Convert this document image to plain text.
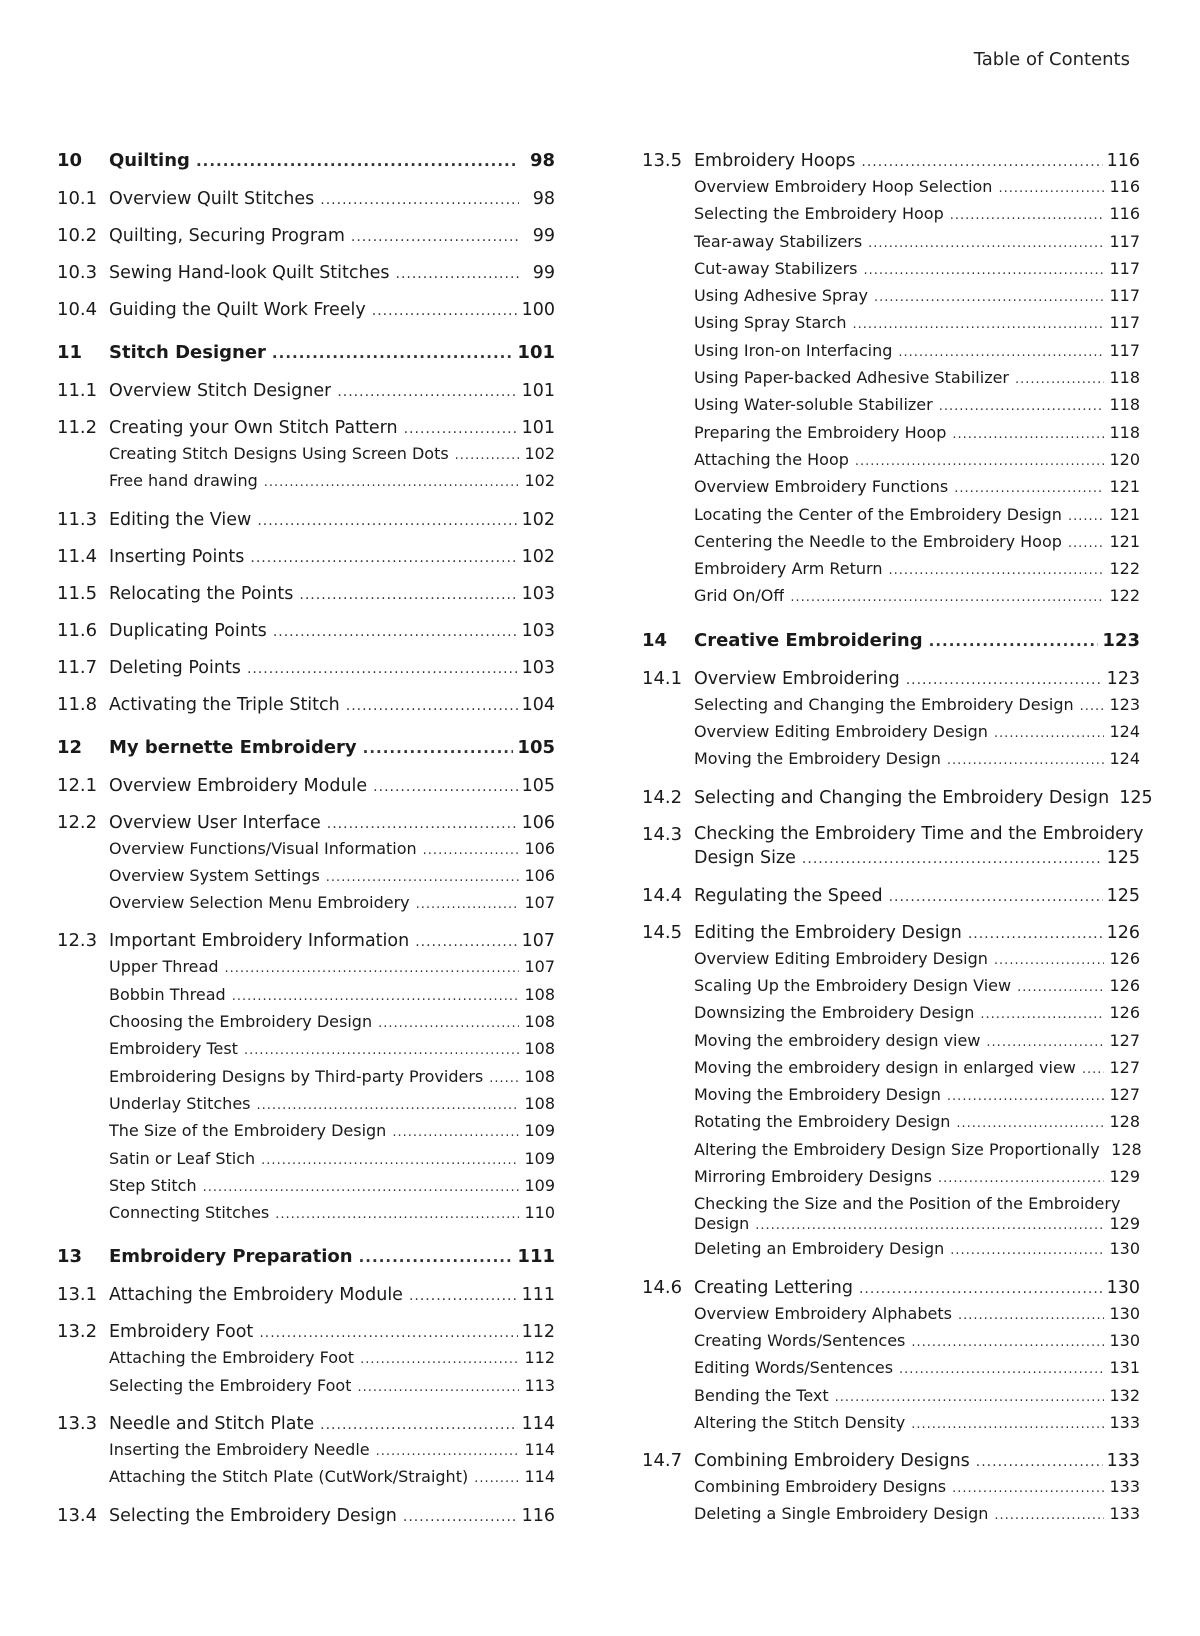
Table of Contents
10	Quilting .....	98
10.1 Overview Quilt Stitches .....	98
10.2 Quilting, Securing Program .....	99
10.3 Sewing Hand-look Quilt Stitches .....	99
10.4 Guiding the Quilt Work Freely .....	100
11	Stitch Designer .....	101
11.1 Overview Stitch Designer .....	101
11.2 Creating your Own Stitch Pattern .....	101
Creating Stitch Designs Using Screen Dots .....	102
Free hand drawing .....	102
11.3 Editing the View .....	102
11.4 Inserting Points .....	102
11.5 Relocating the Points .....	103
11.6 Duplicating Points .....	103
11.7 Deleting Points .....	103
11.8 Activating the Triple Stitch .....	104
12	My bernette Embroidery .....	105
12.1 Overview Embroidery Module .....	105
12.2 Overview User Interface .....	106
Overview Functions/Visual Information .....	106
Overview System Settings .....	106
Overview Selection Menu Embroidery .....	107
12.3 Important Embroidery Information .....	107
Upper Thread .....	107
Bobbin Thread .....	108
Choosing the Embroidery Design .....	108
Embroidery Test .....	108
Embroidering Designs by Third-party Providers .....	108
Underlay Stitches .....	108
The Size of the Embroidery Design .....	109
Satin or Leaf Stich .....	109
Step Stitch .....	109
Connecting Stitches .....	110
13	Embroidery Preparation .....	111
13.1 Attaching the Embroidery Module .....	111
13.2 Embroidery Foot .....	112
Attaching the Embroidery Foot .....	112
Selecting the Embroidery Foot .....	113
13.3 Needle and Stitch Plate .....	114
Inserting the Embroidery Needle .....	114
Attaching the Stitch Plate (CutWork/Straight) .....	114
13.4 Selecting the Embroidery Design .....	116
13.5 Embroidery Hoops .....	116
Overview Embroidery Hoop Selection .....	116
Selecting the Embroidery Hoop .....	116
Tear-away Stabilizers .....	117
Cut-away Stabilizers .....	117
Using Adhesive Spray .....	117
Using Spray Starch .....	117
Using Iron-on Interfacing .....	117
Using Paper-backed Adhesive Stabilizer .....	118
Using Water-soluble Stabilizer .....	118
Preparing the Embroidery Hoop .....	118
Attaching the Hoop .....	120
Overview Embroidery Functions .....	121
Locating the Center of the Embroidery Design .....	121
Centering the Needle to the Embroidery Hoop .....	121
Embroidery Arm Return .....	122
Grid On/Off .....	122
14	Creative Embroidering .....	123
14.1 Overview Embroidering .....	123
Selecting and Changing the Embroidery Design ..... 123
Overview Editing Embroidery Design .....	124
Moving the Embroidery Design .....	124
14.2 Selecting and Changing the Embroidery Design 125
14.3 Checking the Embroidery Time and the Embroidery
Design Size .....	125
14.4 Regulating the Speed .....	125
14.5 Editing the Embroidery Design .....	126
Overview Editing Embroidery Design .....	126
Scaling Up the Embroidery Design View .....	126
Downsizing the Embroidery Design .....	126
Moving the embroidery design view .....	127
Moving the embroidery design in enlarged view ..... 127
Moving the Embroidery Design .....	127
Rotating the Embroidery Design .....	128
Altering the Embroidery Design Size Proportionally 128
Mirroring Embroidery Designs .....	129
Checking the Size and the Position of the Embroidery
Design .....	129
Deleting an Embroidery Design .....	130
14.6 Creating Lettering .....	130
Overview Embroidery Alphabets .....	130
Creating Words/Sentences .....	130
Editing Words/Sentences .....	131
Bending the Text .....	132
Altering the Stitch Density .....	133
14.7 Combining Embroidery Designs .....	133
Combining Embroidery Designs .....	133
Deleting a Single Embroidery Design .....	133
